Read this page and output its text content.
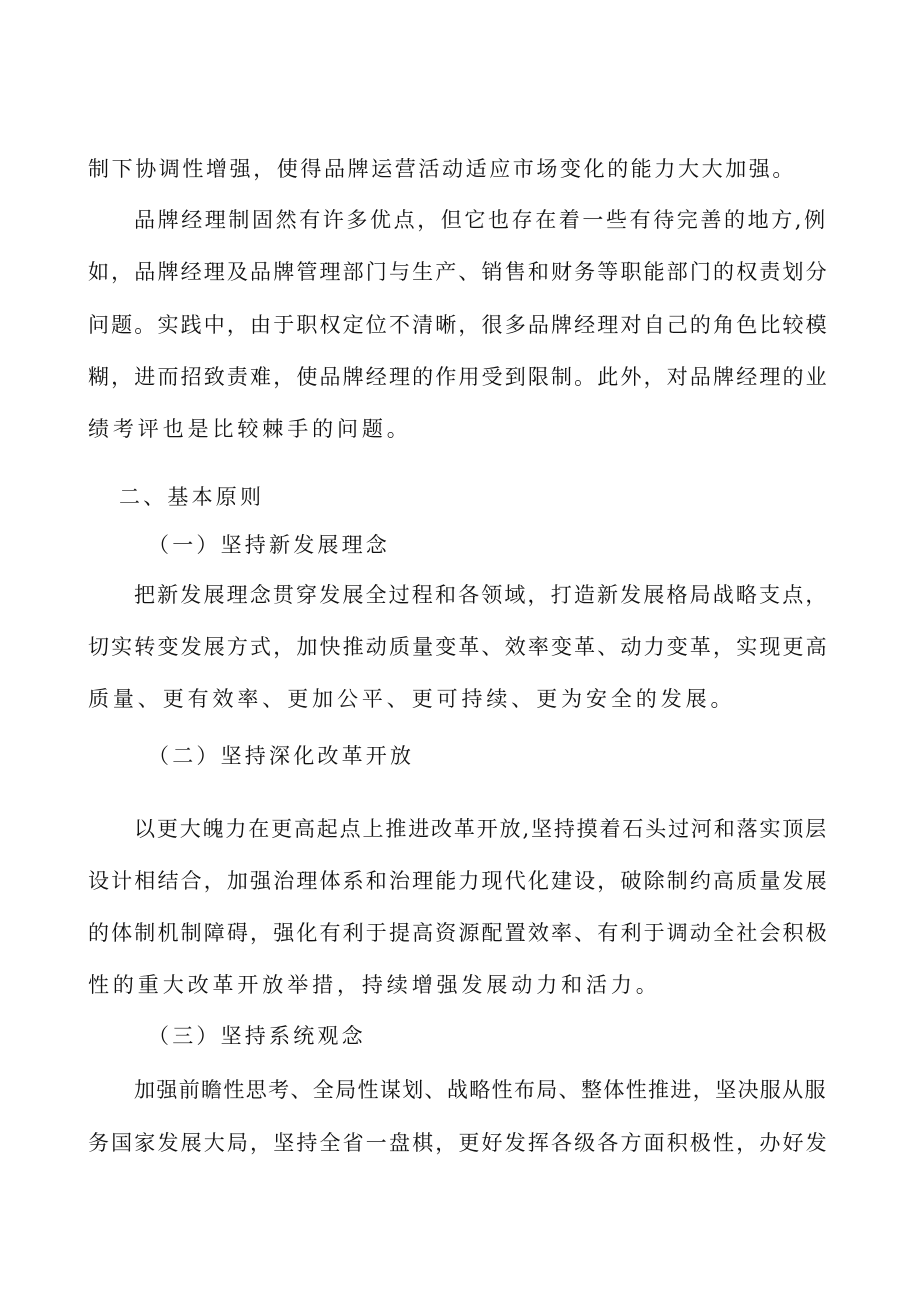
制下协调性增强，使得品牌运营活动适应市场变化的能力大大加强。
品牌经理制固然有许多优点，但它也存在着一些有待完善的地方,例
如，品牌经理及品牌管理部门与生产、销售和财务等职能部门的权责划分
问题。实践中，由于职权定位不清晰，很多品牌经理对自己的角色比较模
糊，进而招致责难，使品牌经理的作用受到限制。此外，对品牌经理的业
绩考评也是比较棘手的问题。
二、基本原则
（一）坚持新发展理念
把新发展理念贯穿发展全过程和各领域，打造新发展格局战略支点，
切实转变发展方式，加快推动质量变革、效率变革、动力变革，实现更高
质量、更有效率、更加公平、更可持续、更为安全的发展。
（二）坚持深化改革开放
以更大魄力在更高起点上推进改革开放,坚持摸着石头过河和落实顶层
设计相结合，加强治理体系和治理能力现代化建设，破除制约高质量发展
的体制机制障碍，强化有利于提高资源配置效率、有利于调动全社会积极
性的重大改革开放举措，持续增强发展动力和活力。
（三）坚持系统观念
加强前瞻性思考、全局性谋划、战略性布局、整体性推进，坚决服从服
务国家发展大局，坚持全省一盘棋，更好发挥各级各方面积极性，办好发
